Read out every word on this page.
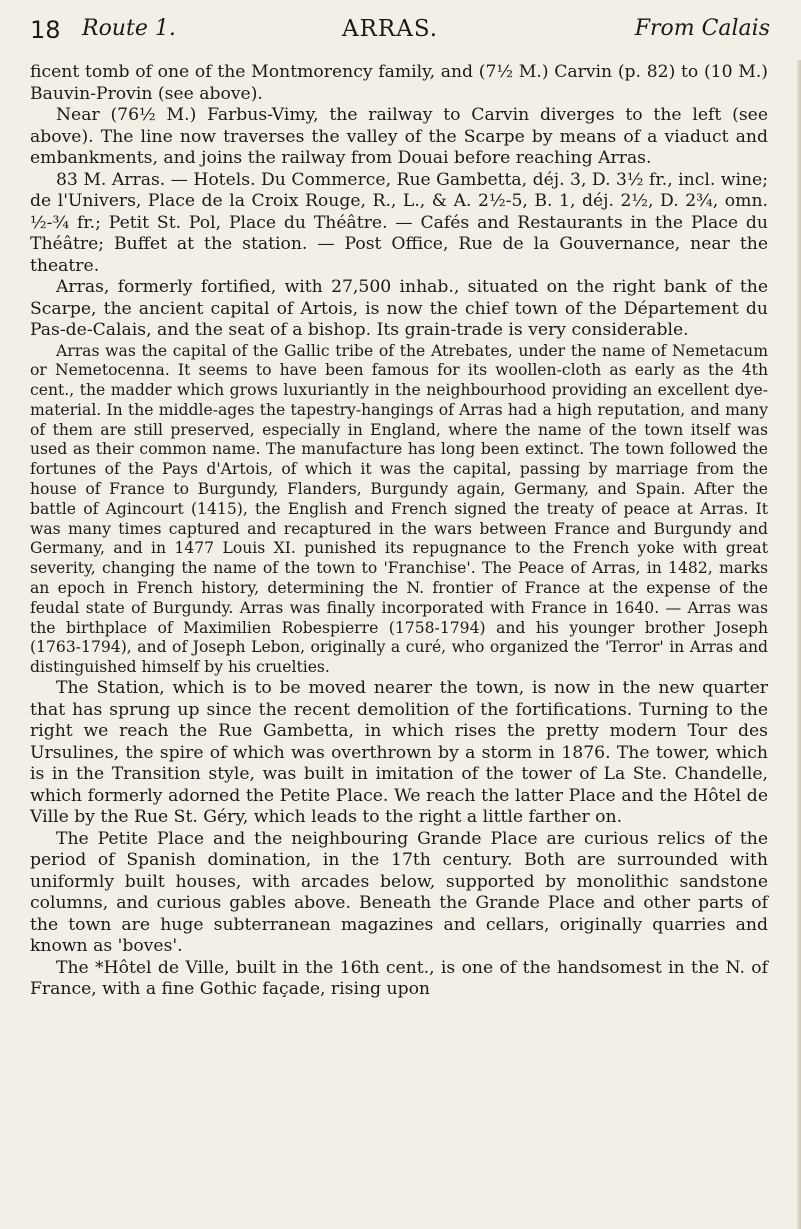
18 Route 1.	ARRAS.	From Calais

ficent tomb of one of the Montmorency family, and (7½ M.) Carvin (p. 82) to (10 M.) Bauvin-Provin (see above).

Near (76½ M.) Farbus-Vimy, the railway to Carvin diverges to the left (see above). The line now traverses the valley of the Scarpe by means of a viaduct and embankments, and joins the railway from Douai before reaching Arras.

83 M. Arras. — Hotels. Du Commerce, Rue Gambetta, déj. 3, D. 3½ fr., incl. wine; de l'Univers, Place de la Croix Rouge, R., L., & A. 2½-5, B. 1, déj. 2½, D. 2¾, omn. ½-¾ fr.; Petit St. Pol, Place du Théâtre. — Cafés and Restaurants in the Place du Théâtre; Buffet at the station. — Post Office, Rue de la Gouvernance, near the theatre.

Arras, formerly fortified, with 27,500 inhab., situated on the right bank of the Scarpe, the ancient capital of Artois, is now the chief town of the Département du Pas-de-Calais, and the seat of a bishop. Its grain-trade is very considerable.

Arras was the capital of the Gallic tribe of the Atrebates, under the name of Nemetacum or Nemetocenna. It seems to have been famous for its woollen-cloth as early as the 4th cent., the madder which grows luxuriantly in the neighbourhood providing an excellent dye-material. In the middle-ages the tapestry-hangings of Arras had a high reputation, and many of them are still preserved, especially in England, where the name of the town itself was used as their common name. The manufacture has long been extinct. The town followed the fortunes of the Pays d'Artois, of which it was the capital, passing by marriage from the house of France to Burgundy, Flanders, Burgundy again, Germany, and Spain. After the battle of Agincourt (1415), the English and French signed the treaty of peace at Arras. It was many times captured and recaptured in the wars between France and Burgundy and Germany, and in 1477 Louis XI. punished its repugnance to the French yoke with great severity, changing the name of the town to 'Franchise'. The Peace of Arras, in 1482, marks an epoch in French history, determining the N. frontier of France at the expense of the feudal state of Burgundy. Arras was finally incorporated with France in 1640. — Arras was the birthplace of Maximilien Robespierre (1758-1794) and his younger brother Joseph (1763-1794), and of Joseph Lebon, originally a curé, who organized the 'Terror' in Arras and distinguished himself by his cruelties.

The Station, which is to be moved nearer the town, is now in the new quarter that has sprung up since the recent demolition of the fortifications. Turning to the right we reach the Rue Gambetta, in which rises the pretty modern Tour des Ursulines, the spire of which was overthrown by a storm in 1876. The tower, which is in the Transition style, was built in imitation of the tower of La Ste. Chandelle, which formerly adorned the Petite Place. We reach the latter Place and the Hôtel de Ville by the Rue St. Géry, which leads to the right a little farther on.

The Petite Place and the neighbouring Grande Place are curious relics of the period of Spanish domination, in the 17th century. Both are surrounded with uniformly built houses, with arcades below, supported by monolithic sandstone columns, and curious gables above. Beneath the Grande Place and other parts of the town are huge subterranean magazines and cellars, originally quarries and known as 'boves'.

The *Hôtel de Ville, built in the 16th cent., is one of the handsomest in the N. of France, with a fine Gothic façade, rising upon
